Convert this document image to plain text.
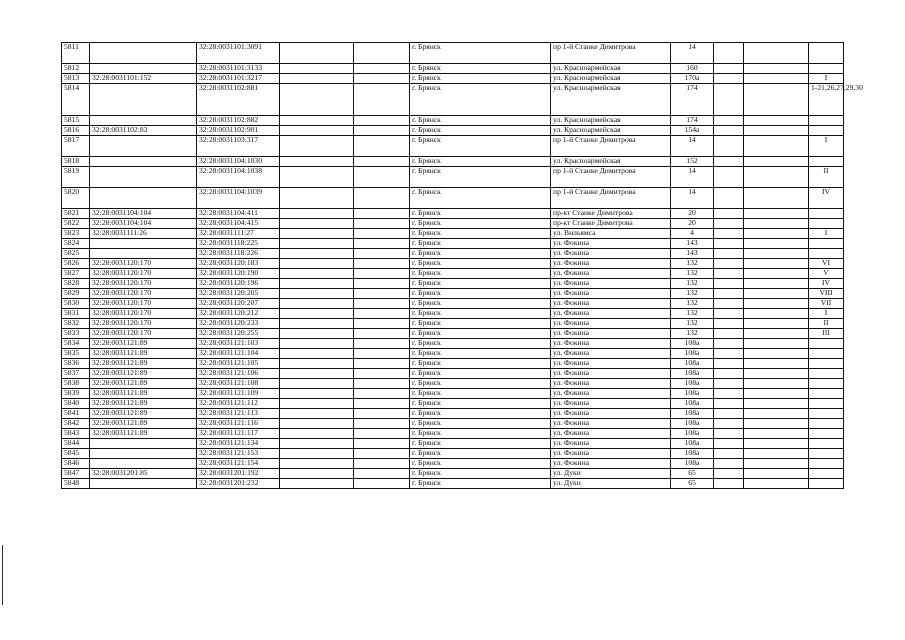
5811		32:28:0031101:3091			г. Брянск	пр 1-й Станке Димитрова	14			
5812		32:28:0031101:3133			г. Брянск	ул. Красноармейская	160			
5813	32:28:0031101:152	32:28:0031101:3217			г. Брянск	ул. Красноармейская	170а			I
5814		32:28:0031102:881			г. Брянск	ул. Красноармейская	174			1-21,26,27,29,30
5815		32:28:0031102:882			г. Брянск	ул. Красноармейская	174			
5816	32:28:0031102:83	32:28:0031102:901			г. Брянск	ул. Красноармейская	154а			
5817		32:28:0031103:317			г. Брянск	пр 1-й Станке Димитрова	14			I
5818		32:28:0031104:1030			г. Брянск	ул. Красноармейская	152			
5819		32:28:0031104:1038			г. Брянск	пр 1-й Станке Димитрова	14			II
5820		32:28:0031104:1039			г. Брянск	пр 1-й Станке Димитрова	14			IV
5821	32:28:0031104:104	32:28:0031104:411			г. Брянск	пр-кт Станке Димитрова	20			
5822	32:28:0031104:104	32:28:0031104:415			г. Брянск	пр-кт Станке Димитрова	20			
5823	32:28:0031111:26	32:28:0031111:27			г. Брянск	ул. Вильямса	4			I
5824		32:28:0031118:225			г. Брянск	ул. Фокина	143			
5825		32:28:0031118:226			г. Брянск	ул. Фокина	143			
5826	32:28:0031120:170	32:28:0031120:183			г. Брянск	ул. Фокина	132			VI
5827	32:28:0031120:170	32:28:0031120:190			г. Брянск	ул. Фокина	132			V
5828	32:28:0031120:170	32:28:0031120:196			г. Брянск	ул. Фокина	132			IV
5829	32:28:0031120:170	32:28:0031120:205			г. Брянск	ул. Фокина	132			VIII
5830	32:28:0031120:170	32:28:0031120:207			г. Брянск	ул. Фокина	132			VII
5831	32:28:0031120:170	32:28:0031120:212			г. Брянск	ул. Фокина	132			I
5832	32:28:0031120:170	32:28:0031120:233			г. Брянск	ул. Фокина	132			II
5833	32:28:0031120:170	32:28:0031120:255			г. Брянск	ул. Фокина	132			III
5834	32:28:0031121:89	32:28:0031121:103			г. Брянск	ул. Фокина	108а			
5835	32:28:0031121:89	32:28:0031121:104			г. Брянск	ул. Фокина	108а			
5836	32:28:0031121:89	32:28:0031121:105			г. Брянск	ул. Фокина	108а			
5837	32:28:0031121:89	32:28:0031121:106			г. Брянск	ул. Фокина	108а			
5838	32:28:0031121:89	32:28:0031121:108			г. Брянск	ул. Фокина	108а			
5839	32:28:0031121:89	32:28:0031121:109			г. Брянск	ул. Фокина	108а			
5840	32:28:0031121:89	32:28:0031121:112			г. Брянск	ул. Фокина	108а			
5841	32:28:0031121:89	32:28:0031121:113			г. Брянск	ул. Фокина	108а			
5842	32:28:0031121:89	32:28:0031121:116			г. Брянск	ул. Фокина	108а			
5843	32:28:0031121:89	32:28:0031121:117			г. Брянск	ул. Фокина	108а			
5844		32:28:0031121:134			г. Брянск	ул. Фокина	108а			
5845		32:28:0031121:153			г. Брянск	ул. Фокина	108а			
5846		32:28:0031121:154			г. Брянск	ул. Фокина	108а			
5847	32:28:0031201:85	32:28:0031201:192			г. Брянск	ул. Дуки	65			
5848		32:28:0031201:232			г. Брянск	ул. Дуки	65			
